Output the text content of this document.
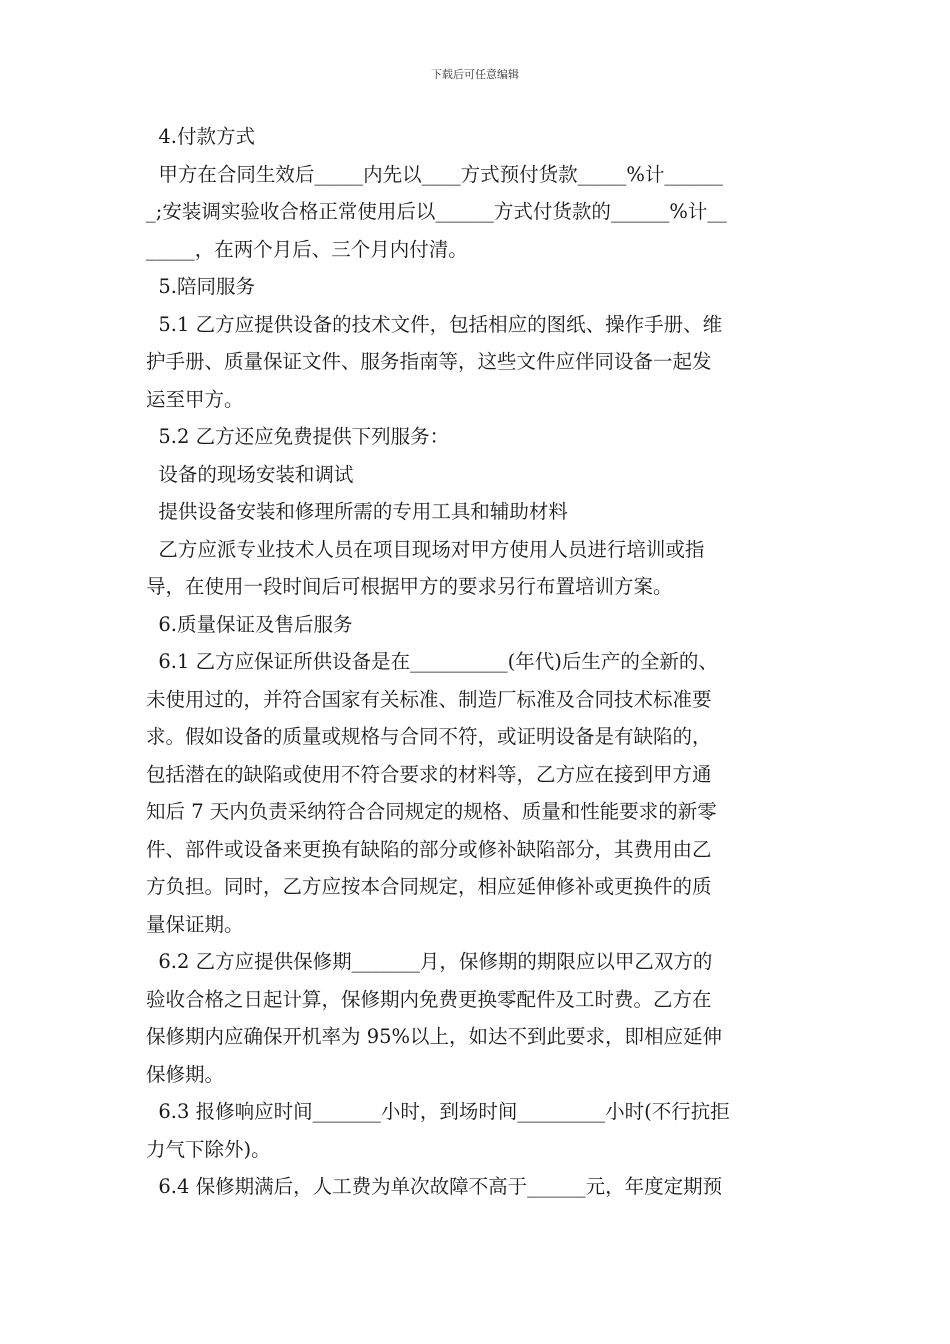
下载后可任意编辑
4.付款方式
甲方在合同生效后_____内先以____方式预付货款_____%计______
_;安装调实验收合格正常使用后以______方式付货款的______%计__
_____，在两个月后、三个月内付清。
5.陪同服务
5.1 乙方应提供设备的技术文件，包括相应的图纸、操作手册、维
护手册、质量保证文件、服务指南等，这些文件应伴同设备一起发
运至甲方。
5.2 乙方还应免费提供下列服务：
设备的现场安装和调试
提供设备安装和修理所需的专用工具和辅助材料
乙方应派专业技术人员在项目现场对甲方使用人员进行培训或指
导，在使用一段时间后可根据甲方的要求另行布置培训方案。
6.质量保证及售后服务
6.1 乙方应保证所供设备是在__________(年代)后生产的全新的、
未使用过的，并符合国家有关标准、制造厂标准及合同技术标准要
求。假如设备的质量或规格与合同不符，或证明设备是有缺陷的，
包括潜在的缺陷或使用不符合要求的材料等，乙方应在接到甲方通
知后 7 天内负责采纳符合合同规定的规格、质量和性能要求的新零
件、部件或设备来更换有缺陷的部分或修补缺陷部分，其费用由乙
方负担。同时，乙方应按本合同规定，相应延伸修补或更换件的质
量保证期。
6.2 乙方应提供保修期_______月，保修期的期限应以甲乙双方的
验收合格之日起计算，保修期内免费更换零配件及工时费。乙方在
保修期内应确保开机率为 95%以上，如达不到此要求，即相应延伸
保修期。
6.3 报修响应时间_______小时，到场时间_________小时(不行抗拒
力气下除外)。
6.4 保修期满后，人工费为单次故障不高于______元，年度定期预
